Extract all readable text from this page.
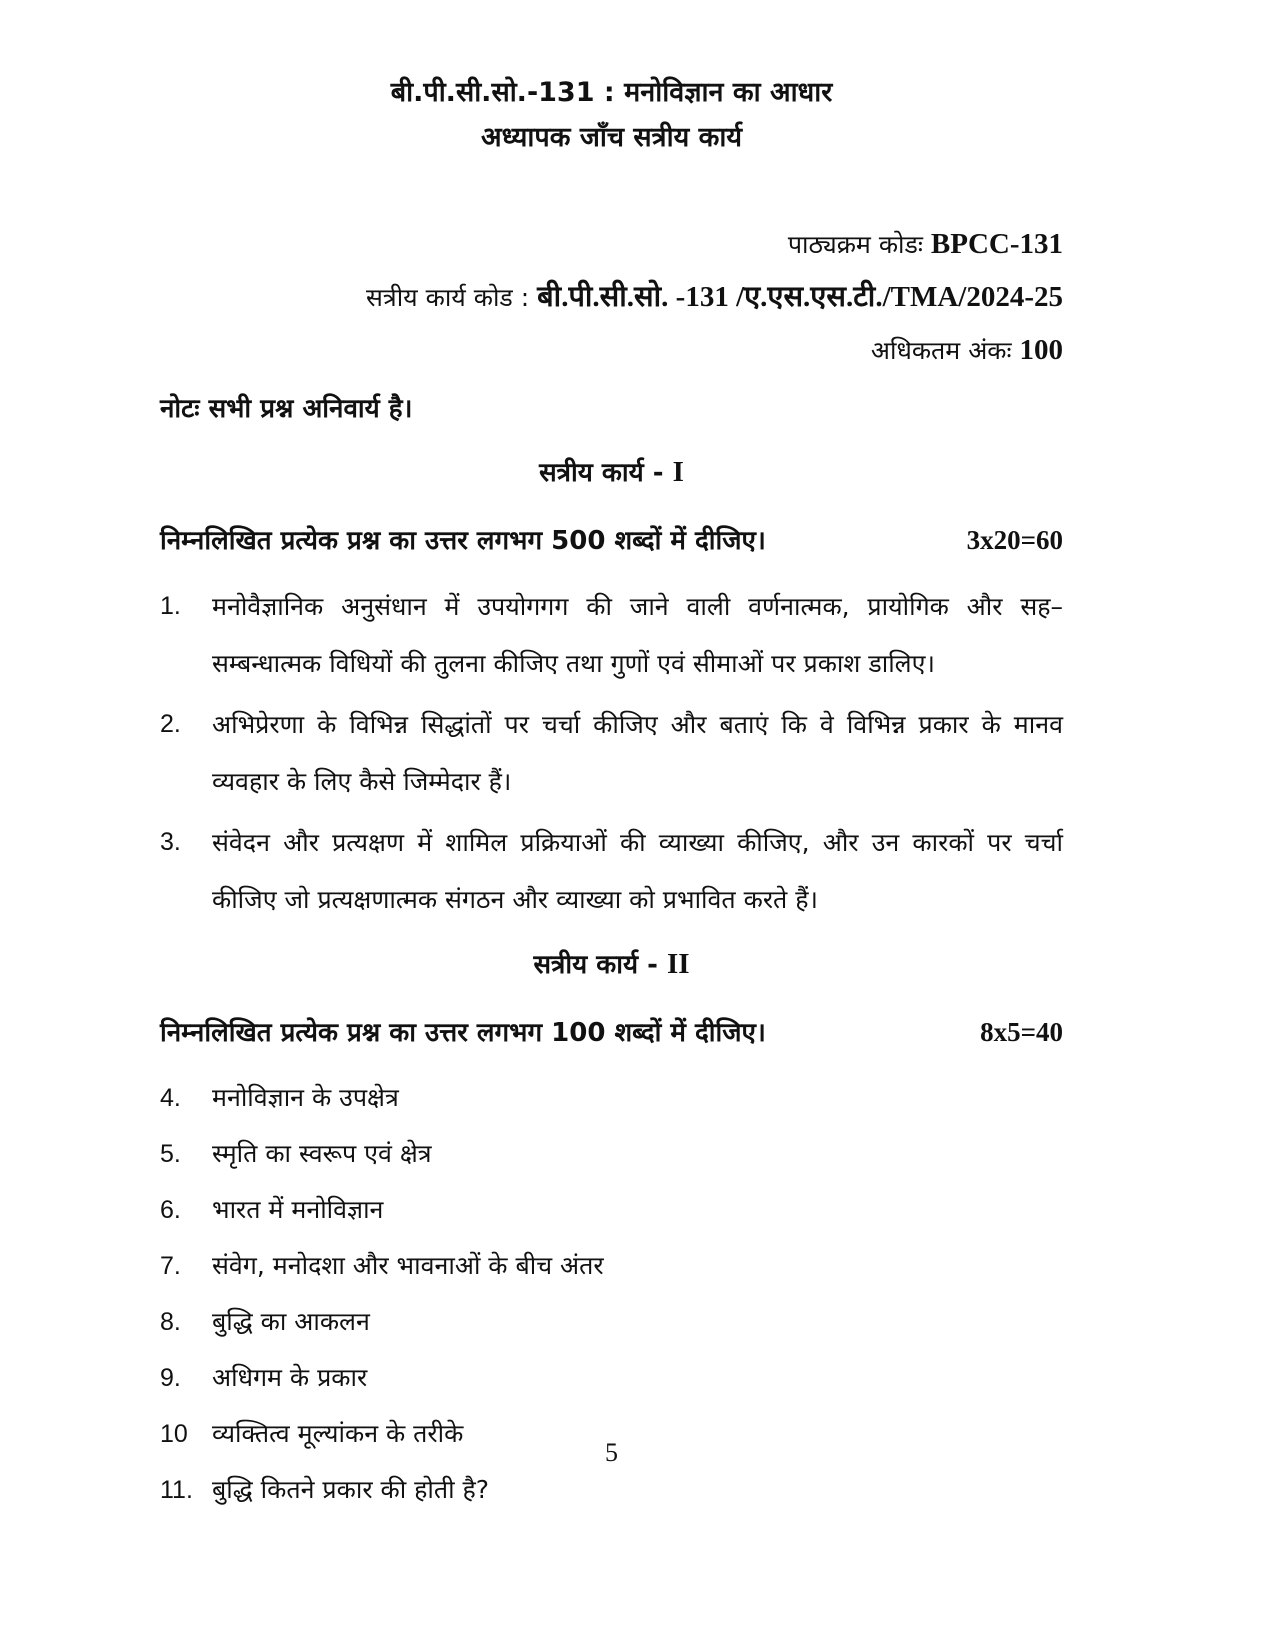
बी.पी.सी.सो.-131 : मनोविज्ञान का आधार
अध्यापक जाँच सत्रीय कार्य
पाठ्यक्रम कोडः BPCC-131
सत्रीय कार्य कोड : बी.पी.सी.सो. -131 /ए.एस.एस.टी./TMA/2024-25
अधिकतम अंकः 100
नोटः सभी प्रश्न अनिवार्य है।
सत्रीय कार्य - I
निम्नलिखित प्रत्येक प्रश्न का उत्तर लगभग 500 शब्दों में दीजिए।	3x20=60
1.	मनोवैज्ञानिक अनुसंधान में उपयोगगग की जाने वाली वर्णनात्मक, प्रायोगिक और सह–सम्बन्धात्मक विधियों की तुलना कीजिए तथा गुणों एवं सीमाओं पर प्रकाश डालिए।
2.	अभिप्रेरणा के विभिन्न सिद्धांतों पर चर्चा कीजिए और बताएं कि वे विभिन्न प्रकार के मानव व्यवहार के लिए कैसे जिम्मेदार हैं।
3.	संवेदन और प्रत्यक्षण में शामिल प्रक्रियाओं की व्याख्या कीजिए, और उन कारकों पर चर्चा कीजिए जो प्रत्यक्षणात्मक संगठन और व्याख्या को प्रभावित करते हैं।
सत्रीय कार्य - II
निम्नलिखित प्रत्येक प्रश्न का उत्तर लगभग 100 शब्दों में दीजिए।	8x5=40
4.	मनोविज्ञान के उपक्षेत्र
5.	स्मृति का स्वरूप एवं क्षेत्र
6.	भारत में मनोविज्ञान
7.	संवेग, मनोदशा और भावनाओं के बीच अंतर
8.	बुद्धि का आकलन
9.	अधिगम के प्रकार
10 व्यक्तित्व मूल्यांकन के तरीके
11. बुद्धि कितने प्रकार की होती है?
5
